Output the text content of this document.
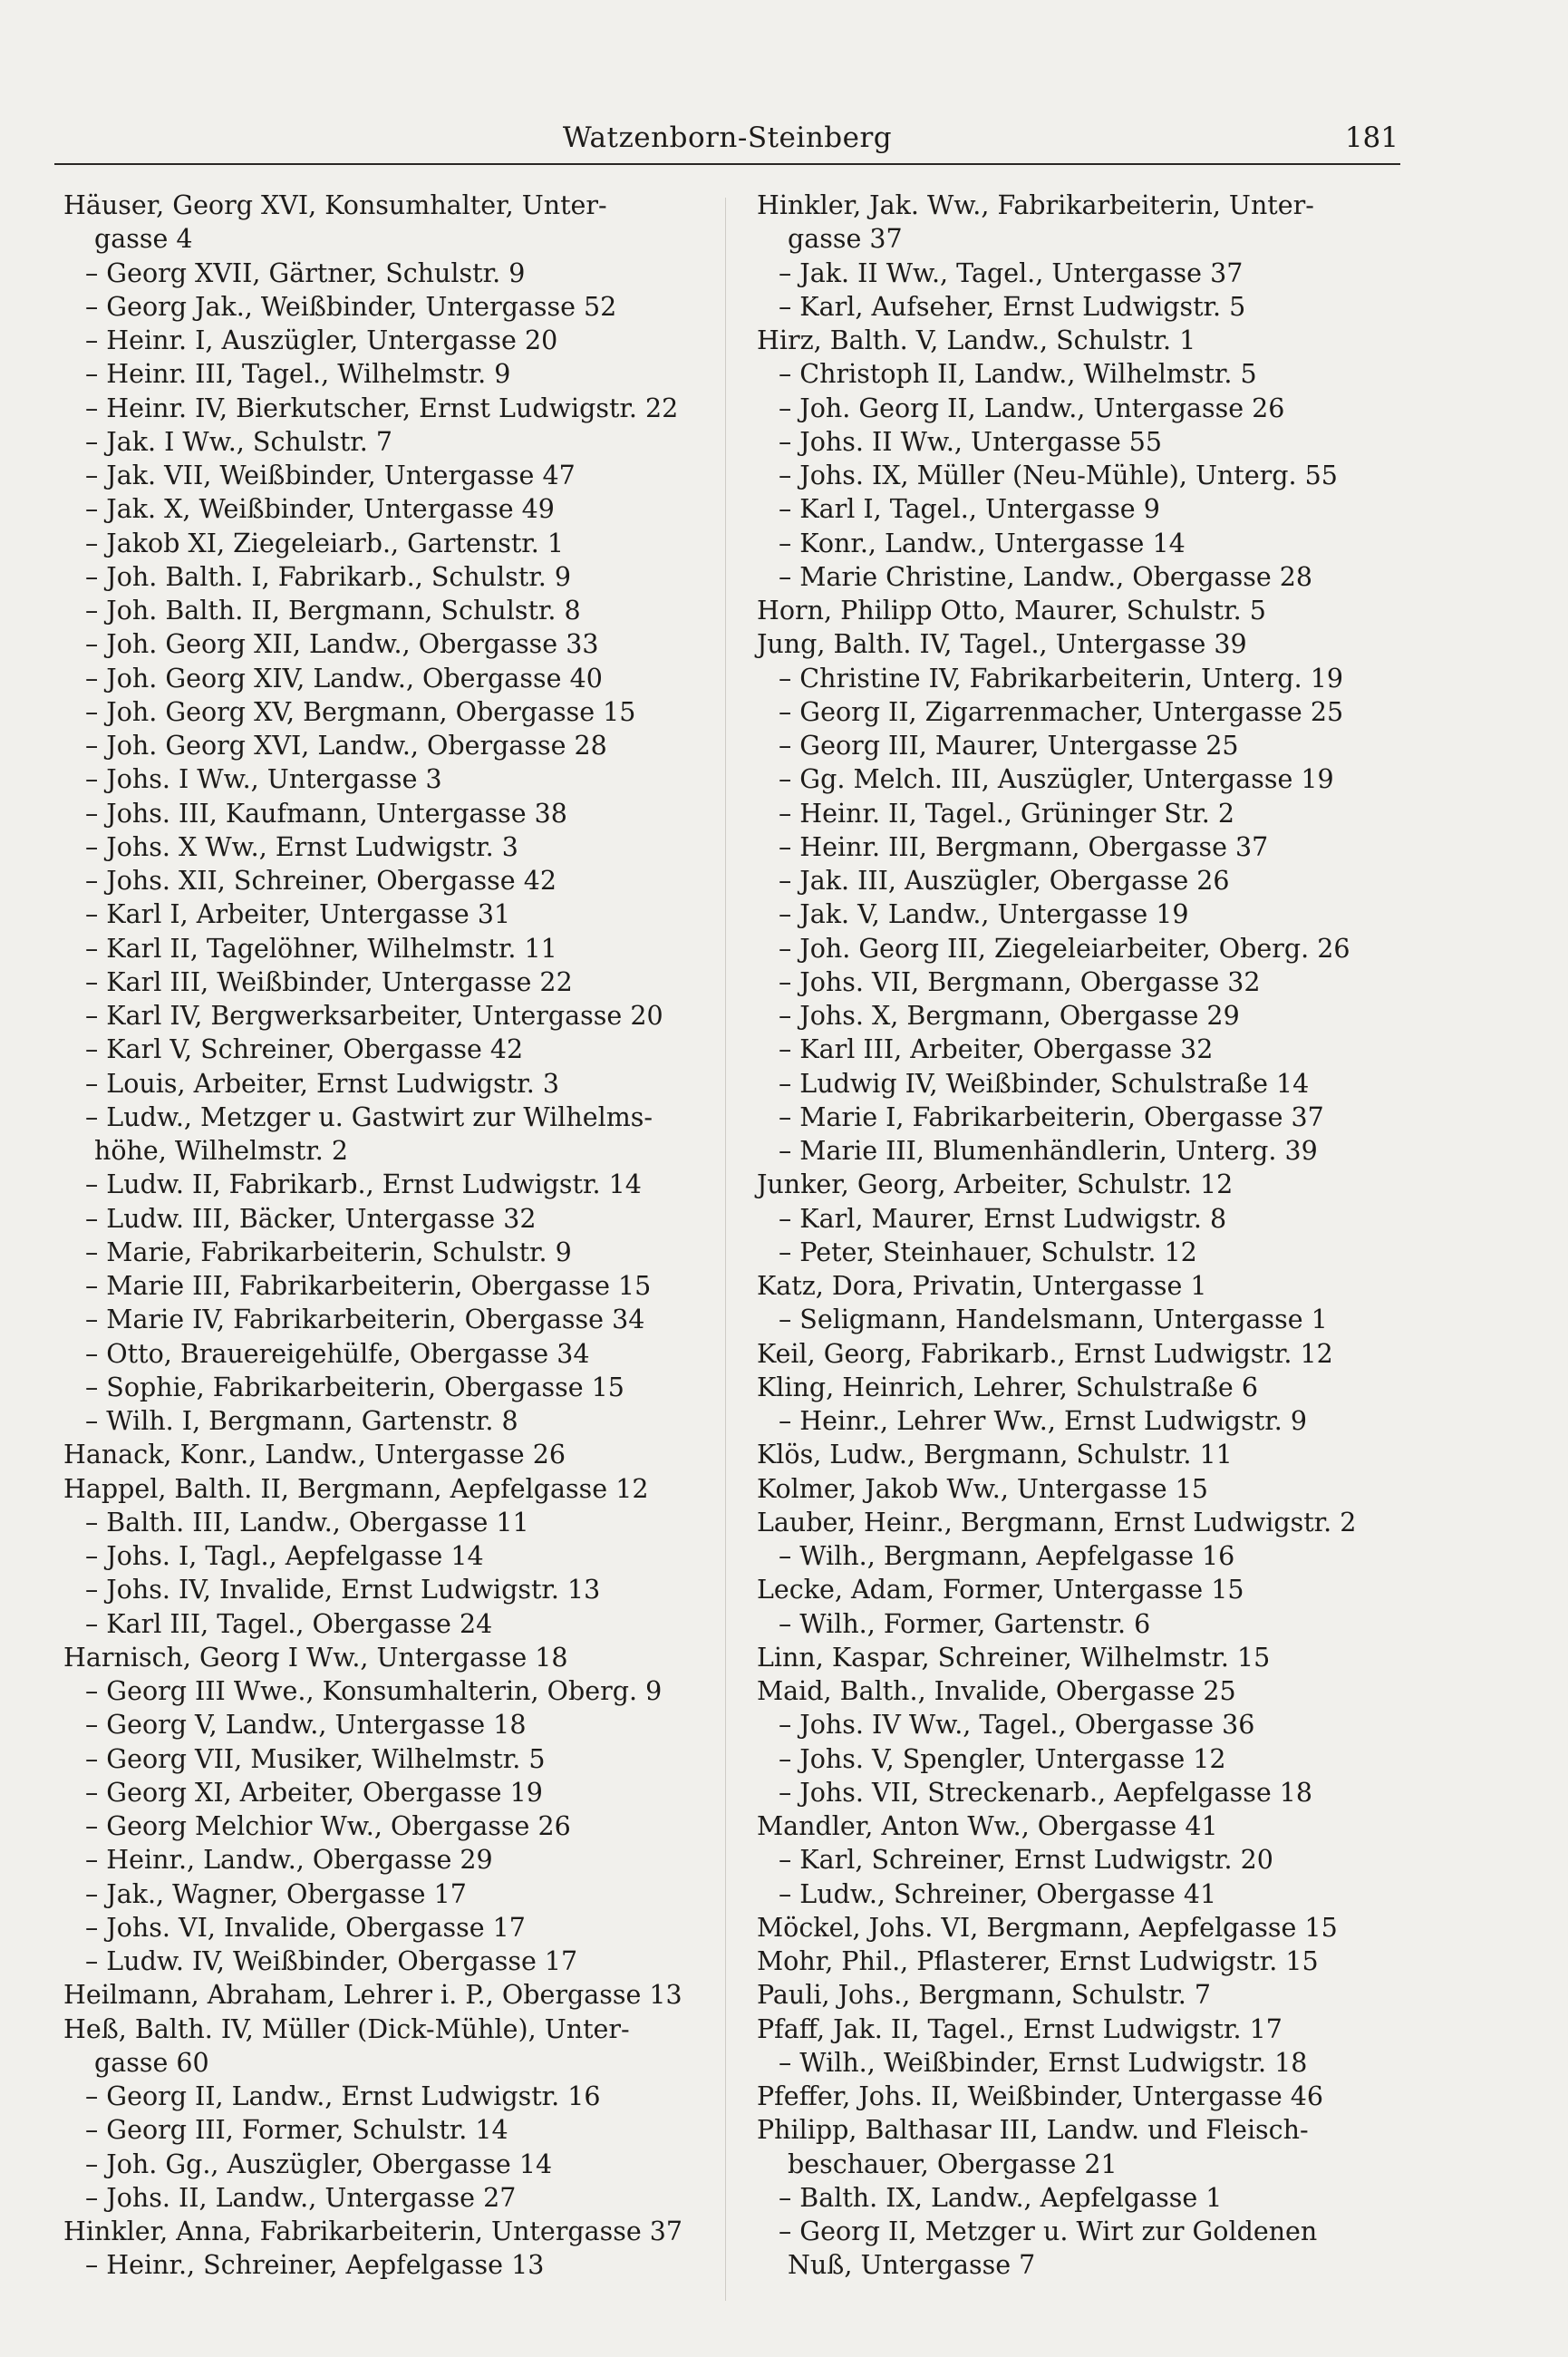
Watzenborn-Steinberg	181
Häuser, Georg XVI, Konsumhalter, Unter-
gasse 4
– Georg XVII, Gärtner, Schulstr. 9
– Georg Jak., Weißbinder, Untergasse 52
– Heinr. I, Auszügler, Untergasse 20
– Heinr. III, Tagel., Wilhelmstr. 9
– Heinr. IV, Bierkutscher, Ernst Ludwigstr. 22
– Jak. I Ww., Schulstr. 7
– Jak. VII, Weißbinder, Untergasse 47
– Jak. X, Weißbinder, Untergasse 49
– Jakob XI, Ziegeleiarb., Gartenstr. 1
– Joh. Balth. I, Fabrikarb., Schulstr. 9
– Joh. Balth. II, Bergmann, Schulstr. 8
– Joh. Georg XII, Landw., Obergasse 33
– Joh. Georg XIV, Landw., Obergasse 40
– Joh. Georg XV, Bergmann, Obergasse 15
– Joh. Georg XVI, Landw., Obergasse 28
– Johs. I Ww., Untergasse 3
– Johs. III, Kaufmann, Untergasse 38
– Johs. X Ww., Ernst Ludwigstr. 3
– Johs. XII, Schreiner, Obergasse 42
– Karl I, Arbeiter, Untergasse 31
– Karl II, Tagelöhner, Wilhelmstr. 11
– Karl III, Weißbinder, Untergasse 22
– Karl IV, Bergwerksarbeiter, Untergasse 20
– Karl V, Schreiner, Obergasse 42
– Louis, Arbeiter, Ernst Ludwigstr. 3
– Ludw., Metzger u. Gastwirt zur Wilhelms-
höhe, Wilhelmstr. 2
– Ludw. II, Fabrikarb., Ernst Ludwigstr. 14
– Ludw. III, Bäcker, Untergasse 32
– Marie, Fabrikarbeiterin, Schulstr. 9
– Marie III, Fabrikarbeiterin, Obergasse 15
– Marie IV, Fabrikarbeiterin, Obergasse 34
– Otto, Brauereigehülfe, Obergasse 34
– Sophie, Fabrikarbeiterin, Obergasse 15
– Wilh. I, Bergmann, Gartenstr. 8
Hanack, Konr., Landw., Untergasse 26
Happel, Balth. II, Bergmann, Aepfelgasse 12
– Balth. III, Landw., Obergasse 11
– Johs. I, Tagl., Aepfelgasse 14
– Johs. IV, Invalide, Ernst Ludwigstr. 13
– Karl III, Tagel., Obergasse 24
Harnisch, Georg I Ww., Untergasse 18
– Georg III Wwe., Konsumhalterin, Oberg. 9
– Georg V, Landw., Untergasse 18
– Georg VII, Musiker, Wilhelmstr. 5
– Georg XI, Arbeiter, Obergasse 19
– Georg Melchior Ww., Obergasse 26
– Heinr., Landw., Obergasse 29
– Jak., Wagner, Obergasse 17
– Johs. VI, Invalide, Obergasse 17
– Ludw. IV, Weißbinder, Obergasse 17
Heilmann, Abraham, Lehrer i. P., Obergasse 13
Heß, Balth. IV, Müller (Dick-Mühle), Unter-
gasse 60
– Georg II, Landw., Ernst Ludwigstr. 16
– Georg III, Former, Schulstr. 14
– Joh. Gg., Auszügler, Obergasse 14
– Johs. II, Landw., Untergasse 27
Hinkler, Anna, Fabrikarbeiterin, Untergasse 37
– Heinr., Schreiner, Aepfelgasse 13
Hinkler, Jak. Ww., Fabrikarbeiterin, Unter-
gasse 37
– Jak. II Ww., Tagel., Untergasse 37
– Karl, Aufseher, Ernst Ludwigstr. 5
Hirz, Balth. V, Landw., Schulstr. 1
– Christoph II, Landw., Wilhelmstr. 5
– Joh. Georg II, Landw., Untergasse 26
– Johs. II Ww., Untergasse 55
– Johs. IX, Müller (Neu-Mühle), Unterg. 55
– Karl I, Tagel., Untergasse 9
– Konr., Landw., Untergasse 14
– Marie Christine, Landw., Obergasse 28
Horn, Philipp Otto, Maurer, Schulstr. 5
Jung, Balth. IV, Tagel., Untergasse 39
– Christine IV, Fabrikarbeiterin, Unterg. 19
– Georg II, Zigarrenmacher, Untergasse 25
– Georg III, Maurer, Untergasse 25
– Gg. Melch. III, Auszügler, Untergasse 19
– Heinr. II, Tagel., Grüninger Str. 2
– Heinr. III, Bergmann, Obergasse 37
– Jak. III, Auszügler, Obergasse 26
– Jak. V, Landw., Untergasse 19
– Joh. Georg III, Ziegeleiarbeiter, Oberg. 26
– Johs. VII, Bergmann, Obergasse 32
– Johs. X, Bergmann, Obergasse 29
– Karl III, Arbeiter, Obergasse 32
– Ludwig IV, Weißbinder, Schulstraße 14
– Marie I, Fabrikarbeiterin, Obergasse 37
– Marie III, Blumenhändlerin, Unterg. 39
Junker, Georg, Arbeiter, Schulstr. 12
– Karl, Maurer, Ernst Ludwigstr. 8
– Peter, Steinhauer, Schulstr. 12
Katz, Dora, Privatin, Untergasse 1
– Seligmann, Handelsmann, Untergasse 1
Keil, Georg, Fabrikarb., Ernst Ludwigstr. 12
Kling, Heinrich, Lehrer, Schulstraße 6
– Heinr., Lehrer Ww., Ernst Ludwigstr. 9
Klös, Ludw., Bergmann, Schulstr. 11
Kolmer, Jakob Ww., Untergasse 15
Lauber, Heinr., Bergmann, Ernst Ludwigstr. 2
– Wilh., Bergmann, Aepfelgasse 16
Lecke, Adam, Former, Untergasse 15
– Wilh., Former, Gartenstr. 6
Linn, Kaspar, Schreiner, Wilhelmstr. 15
Maid, Balth., Invalide, Obergasse 25
– Johs. IV Ww., Tagel., Obergasse 36
– Johs. V, Spengler, Untergasse 12
– Johs. VII, Streckenarb., Aepfelgasse 18
Mandler, Anton Ww., Obergasse 41
– Karl, Schreiner, Ernst Ludwigstr. 20
– Ludw., Schreiner, Obergasse 41
Möckel, Johs. VI, Bergmann, Aepfelgasse 15
Mohr, Phil., Pflasterer, Ernst Ludwigstr. 15
Pauli, Johs., Bergmann, Schulstr. 7
Pfaff, Jak. II, Tagel., Ernst Ludwigstr. 17
– Wilh., Weißbinder, Ernst Ludwigstr. 18
Pfeffer, Johs. II, Weißbinder, Untergasse 46
Philipp, Balthasar III, Landw. und Fleisch-
beschauer, Obergasse 21
– Balth. IX, Landw., Aepfelgasse 1
– Georg II, Metzger u. Wirt zur Goldenen
Nuß, Untergasse 7
